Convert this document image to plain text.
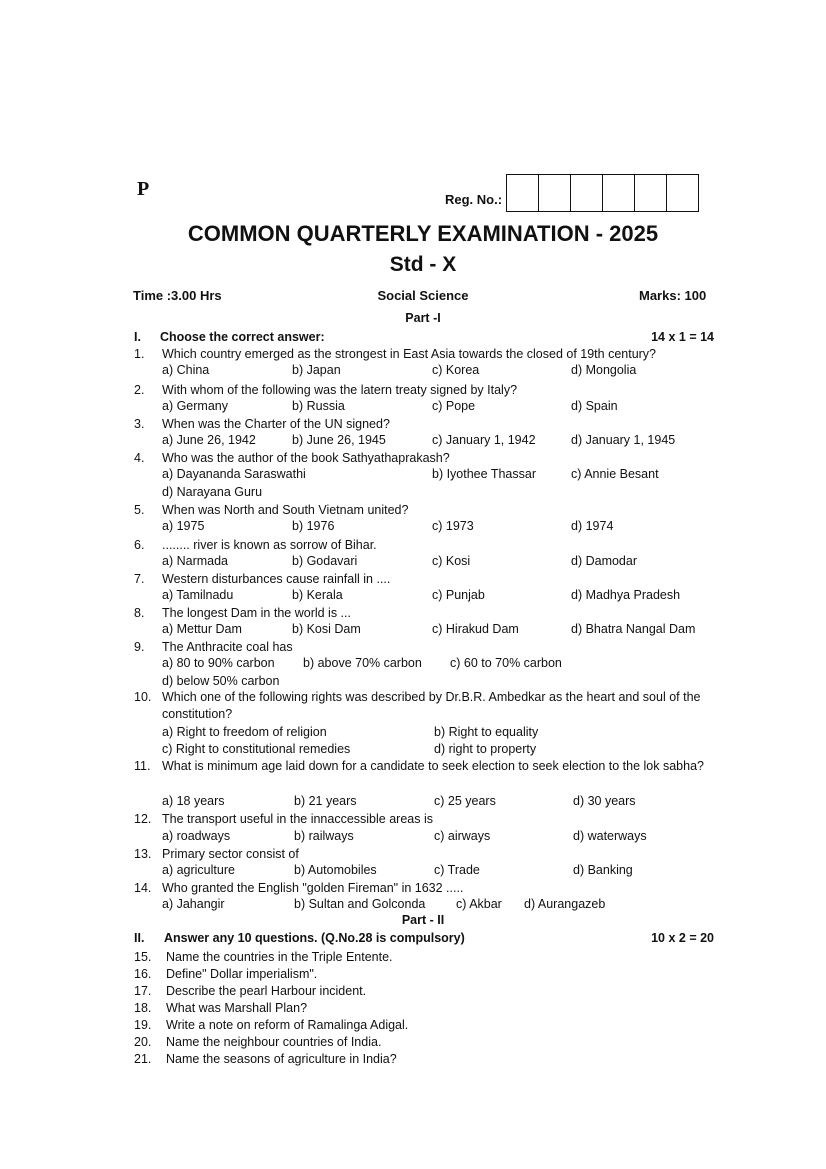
P	Reg. No.:
COMMON QUARTERLY EXAMINATION - 2025
Std - X
Time :3.00 Hrs	Social Science	Marks: 100
Part -I
I. Choose the correct answer:	14 x 1 = 14
1.	Which country emerged as the strongest in East Asia towards the closed of 19th century?
a) China	b) Japan	c) Korea	d) Mongolia
2.	With whom of the following was the latern treaty signed by Italy?
a) Germany	b) Russia	c) Pope	d) Spain
3.	When was the Charter of the UN signed?
a) June 26, 1942	b) June 26, 1945	c) January 1, 1942	d) January 1, 1945
4.	Who was the author of the book Sathyathaprakash?
a) Dayananda Saraswathi	b) Iyothee Thassar	c) Annie Besant
d) Narayana Guru
5.	When was North and South Vietnam united?
a) 1975	b) 1976	c) 1973	d) 1974
6.	........ river is known as sorrow of Bihar.
a) Narmada	b) Godavari	c) Kosi	d) Damodar
7.	Western disturbances cause rainfall in ....
a) Tamilnadu	b) Kerala	c) Punjab	d) Madhya Pradesh
8.	The longest Dam in the world is ...
a) Mettur Dam	b) Kosi Dam	c) Hirakud Dam	d) Bhatra Nangal Dam
9.	The Anthracite coal has
a) 80 to 90% carbon b) above 70% carbon c) 60 to 70% carbon
d) below 50% carbon
10. Which one of the following rights was described by Dr.B.R. Ambedkar as the heart and soul of the constitution?
a) Right to freedom of religion	b) Right to equality
c) Right to constitutional remedies	d) right to property
11. What is minimum age laid down for a candidate to seek election to seek election to the lok sabha?
a) 18 years	b) 21 years	c) 25 years	d) 30 years
12. The transport useful in the innaccessible areas is
a) roadways	b) railways	c) airways	d) waterways
13. Primary sector consist of
a) agriculture	b) Automobiles	c) Trade	d) Banking
14. Who granted the English "golden Fireman" in 1632 .....
a) Jahangir	b) Sultan and Golconda c) Akbar d) Aurangazeb
Part - II
II. Answer any 10 questions. (Q.No.28 is compulsory)	10 x 2 = 20
15. Name the countries in the Triple Entente.
16. Define" Dollar imperialism".
17. Describe the pearl Harbour incident.
18. What was Marshall Plan?
19. Write a note on reform of Ramalinga Adigal.
20. Name the neighbour countries of India.
21. Name the seasons of agriculture in India?
